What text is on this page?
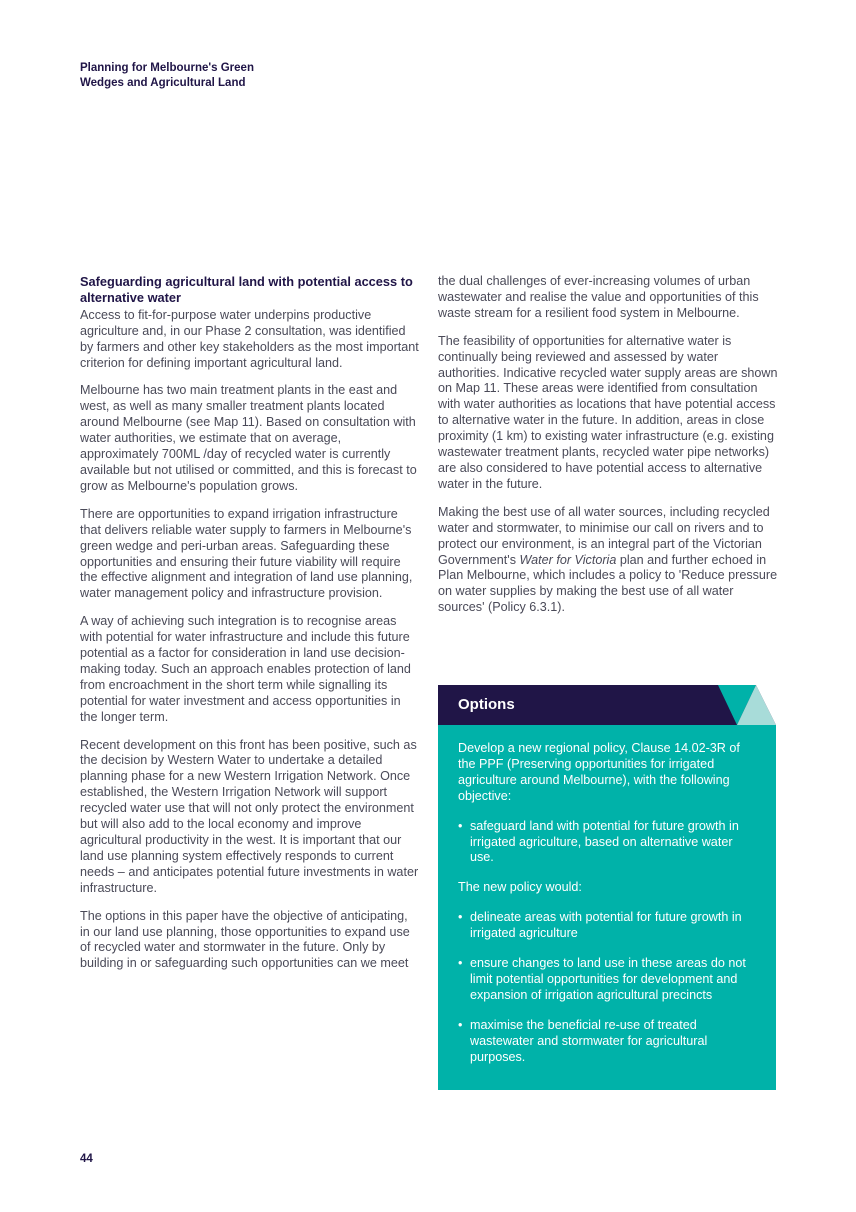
Planning for Melbourne's Green
Wedges and Agricultural Land
Safeguarding agricultural land with potential access to alternative water

Access to fit-for-purpose water underpins productive agriculture and, in our Phase 2 consultation, was identified by farmers and other key stakeholders as the most important criterion for defining important agricultural land.

Melbourne has two main treatment plants in the east and west, as well as many smaller treatment plants located around Melbourne (see Map 11). Based on consultation with water authorities, we estimate that on average, approximately 700ML /day of recycled water is currently available but not utilised or committed, and this is forecast to grow as Melbourne's population grows.

There are opportunities to expand irrigation infrastructure that delivers reliable water supply to farmers in Melbourne's green wedge and peri-urban areas. Safeguarding these opportunities and ensuring their future viability will require the effective alignment and integration of land use planning, water management policy and infrastructure provision.

A way of achieving such integration is to recognise areas with potential for water infrastructure and include this future potential as a factor for consideration in land use decision-making today. Such an approach enables protection of land from encroachment in the short term while signalling its potential for water investment and access opportunities in the longer term.

Recent development on this front has been positive, such as the decision by Western Water to undertake a detailed planning phase for a new Western Irrigation Network. Once established, the Western Irrigation Network will support recycled water use that will not only protect the environment but will also add to the local economy and improve agricultural productivity in the west. It is important that our land use planning system effectively responds to current needs – and anticipates potential future investments in water infrastructure.

The options in this paper have the objective of anticipating, in our land use planning, those opportunities to expand use of recycled water and stormwater in the future. Only by building in or safeguarding such opportunities can we meet

the dual challenges of ever-increasing volumes of urban wastewater and realise the value and opportunities of this waste stream for a resilient food system in Melbourne.

The feasibility of opportunities for alternative water is continually being reviewed and assessed by water authorities. Indicative recycled water supply areas are shown on Map 11. These areas were identified from consultation with water authorities as locations that have potential access to alternative water in the future. In addition, areas in close proximity (1 km) to existing water infrastructure (e.g. existing wastewater treatment plants, recycled water pipe networks) are also considered to have potential access to alternative water in the future.

Making the best use of all water sources, including recycled water and stormwater, to minimise our call on rivers and to protect our environment, is an integral part of the Victorian Government's Water for Victoria plan and further echoed in Plan Melbourne, which includes a policy to 'Reduce pressure on water supplies by making the best use of all water sources' (Policy 6.3.1).

Options

Develop a new regional policy, Clause 14.02-3R of the PPF (Preserving opportunities for irrigated agriculture around Melbourne), with the following objective:

• safeguard land with potential for future growth in irrigated agriculture, based on alternative water use.

The new policy would:

• delineate areas with potential for future growth in irrigated agriculture
• ensure changes to land use in these areas do not limit potential opportunities for development and expansion of irrigation agricultural precincts
• maximise the beneficial re-use of treated wastewater and stormwater for agricultural purposes.
44
